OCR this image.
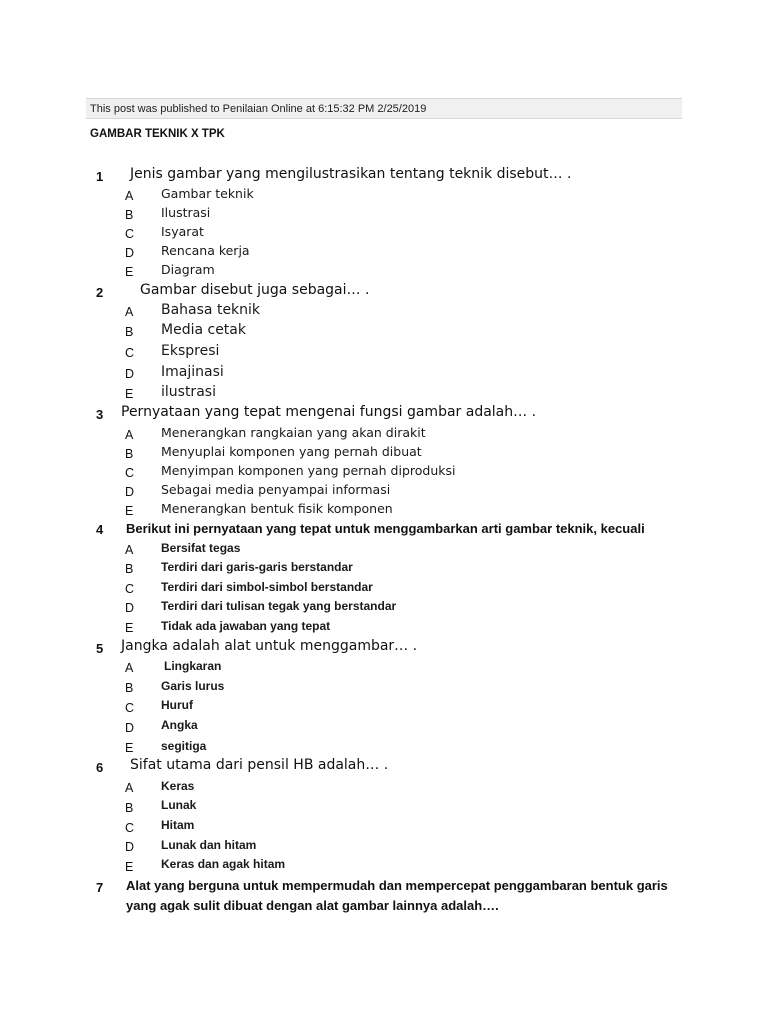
This post was published to Penilaian Online at 6:15:32 PM 2/25/2019
GAMBAR TEKNIK X TPK
1	Jenis gambar yang mengilustrasikan tentang teknik disebut… .
A	Gambar teknik
B	Ilustrasi
C	Isyarat
D	Rencana kerja
E	Diagram
2	Gambar disebut juga sebagai… .
A	Bahasa teknik
B	Media cetak
C	Ekspresi
D	Imajinasi
E	ilustrasi
3	Pernyataan yang tepat mengenai fungsi gambar adalah… .
A	Menerangkan rangkaian yang akan dirakit
B	Menyuplai komponen yang pernah dibuat
C	Menyimpan komponen yang pernah diproduksi
D	Sebagai media penyampai informasi
E	Menerangkan bentuk fisik komponen
4	Berikut ini pernyataan yang tepat untuk menggambarkan arti gambar teknik, kecuali
A	Bersifat tegas
B	Terdiri dari garis-garis berstandar
C	Terdiri dari simbol-simbol berstandar
D	Terdiri dari tulisan tegak yang berstandar
E	Tidak ada jawaban yang tepat
5	Jangka adalah alat untuk menggambar… .
A	Lingkaran
B	Garis lurus
C	Huruf
D	Angka
E	segitiga
6	Sifat utama dari pensil HB adalah… .
A	Keras
B	Lunak
C	Hitam
D	Lunak dan hitam
E	Keras dan agak hitam
7	Alat yang berguna untuk mempermudah dan mempercepat penggambaran bentuk garis yang agak sulit dibuat dengan alat gambar lainnya adalah….
